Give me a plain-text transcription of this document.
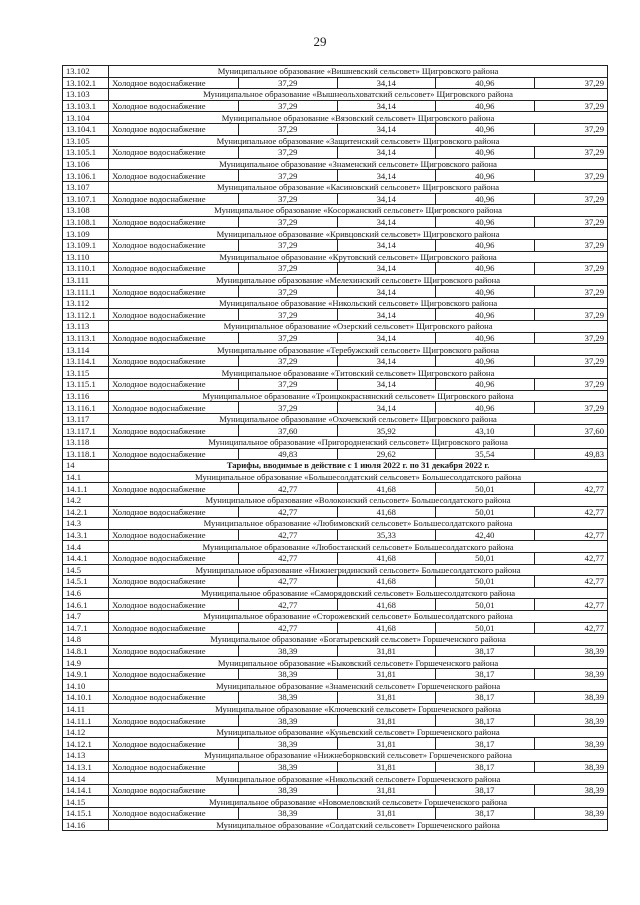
29
13.102	Муниципальное образование «Вишневский сельсовет» Щигровского района				
13.102.1	Холодное водоснабжение	37,29	34,14	40,96	37,29
13.103	Муниципальное образование «Вышнеольховатский сельсовет» Щигровского района				
13.103.1	Холодное водоснабжение	37,29	34,14	40,96	37,29
13.104	Муниципальное образование «Вязовский сельсовет» Щигровского района				
13.104.1	Холодное водоснабжение	37,29	34,14	40,96	37,29
13.105	Муниципальное образование «Защитенский сельсовет» Щигровского района				
13.105.1	Холодное водоснабжение	37,29	34,14	40,96	37,29
13.106	Муниципальное образование «Знаменский сельсовет» Щигровского района				
13.106.1	Холодное водоснабжение	37,29	34,14	40,96	37,29
13.107	Муниципальное образование «Касиновский сельсовет» Щигровского района				
13.107.1	Холодное водоснабжение	37,29	34,14	40,96	37,29
13.108	Муниципальное образование «Косоржанский сельсовет» Щигровского района				
13.108.1	Холодное водоснабжение	37,29	34,14	40,96	37,29
13.109	Муниципальное образование «Кривцовский сельсовет» Щигровского района				
13.109.1	Холодное водоснабжение	37,29	34,14	40,96	37,29
13.110	Муниципальное образование «Крутовский сельсовет» Щигровского района				
13.110.1	Холодное водоснабжение	37,29	34,14	40,96	37,29
13.111	Муниципальное образование «Мелехинский сельсовет» Щигровского района				
13.111.1	Холодное водоснабжение	37,29	34,14	40,96	37,29
13.112	Муниципальное образование «Никольский сельсовет» Щигровского района				
13.112.1	Холодное водоснабжение	37,29	34,14	40,96	37,29
13.113	Муниципальное образование «Озерский сельсовет» Щигровского района				
13.113.1	Холодное водоснабжение	37,29	34,14	40,96	37,29
13.114	Муниципальное образование «Теребужский сельсовет» Щигровского района				
13.114.1	Холодное водоснабжение	37,29	34,14	40,96	37,29
13.115	Муниципальное образование «Титовский сельсовет» Щигровского района				
13.115.1	Холодное водоснабжение	37,29	34,14	40,96	37,29
13.116	Муниципальное образование «Троицкокраснянский сельсовет» Щигровского района				
13.116.1	Холодное водоснабжение	37,29	34,14	40,96	37,29
13.117	Муниципальное образование «Охочевский сельсовет» Щигровского района				
13.117.1	Холодное водоснабжение	37,60	35,92	43,10	37,60
13.118	Муниципальное образование «Пригородненский сельсовет» Щигровского района				
13.118.1	Холодное водоснабжение	49,83	29,62	35,54	49,83
14	Тарифы, вводимые в действие с 1 июля 2022 г. по 31 декабря 2022 г.				
14.1	Муниципальное образование «Большесолдатский сельсовет» Большесолдатского района				
14.1.1	Холодное водоснабжение	42,77	41,68	50,01	42,77
14.2	Муниципальное образование «Волоконский сельсовет» Большесолдатского района				
14.2.1	Холодное водоснабжение	42,77	41,68	50,01	42,77
14.3	Муниципальное образование «Любимовский сельсовет» Большесолдатского района				
14.3.1	Холодное водоснабжение	42,77	35,33	42,40	42,77
14.4	Муниципальное образование «Любостанский сельсовет» Большесолдатского района				
14.4.1	Холодное водоснабжение	42,77	41,68	50,01	42,77
14.5	Муниципальное образование «Нижнегридинский сельсовет» Большесолдатского района				
14.5.1	Холодное водоснабжение	42,77	41,68	50,01	42,77
14.6	Муниципальное образование «Саморядовский сельсовет» Большесолдатского района				
14.6.1	Холодное водоснабжение	42,77	41,68	50,01	42,77
14.7	Муниципальное образование «Сторожевский сельсовет» Большесолдатского района				
14.7.1	Холодное водоснабжение	42,77	41,68	50,01	42,77
14.8	Муниципальное образование «Богатыревский сельсовет» Горшеченского района				
14.8.1	Холодное водоснабжение	38,39	31,81	38,17	38,39
14.9	Муниципальное образование «Быковский сельсовет» Горшеченского района				
14.9.1	Холодное водоснабжение	38,39	31,81	38,17	38,39
14.10	Муниципальное образование «Знаменский сельсовет» Горшеченского района				
14.10.1	Холодное водоснабжение	38,39	31,81	38,17	38,39
14.11	Муниципальное образование «Ключевский сельсовет» Горшеченского района				
14.11.1	Холодное водоснабжение	38,39	31,81	38,17	38,39
14.12	Муниципальное образование «Куньевский сельсовет» Горшеченского района				
14.12.1	Холодное водоснабжение	38,39	31,81	38,17	38,39
14.13	Муниципальное образование «Нижнеборковский сельсовет» Горшеченского района				
14.13.1	Холодное водоснабжение	38,39	31,81	38,17	38,39
14.14	Муниципальное образование «Никольский сельсовет» Горшеченского района				
14.14.1	Холодное водоснабжение	38,39	31,81	38,17	38,39
14.15	Муниципальное образование «Новомеловский сельсовет» Горшеченского района				
14.15.1	Холодное водоснабжение	38,39	31,81	38,17	38,39
14.16	Муниципальное образование «Солдатский сельсовет» Горшеченского района				
